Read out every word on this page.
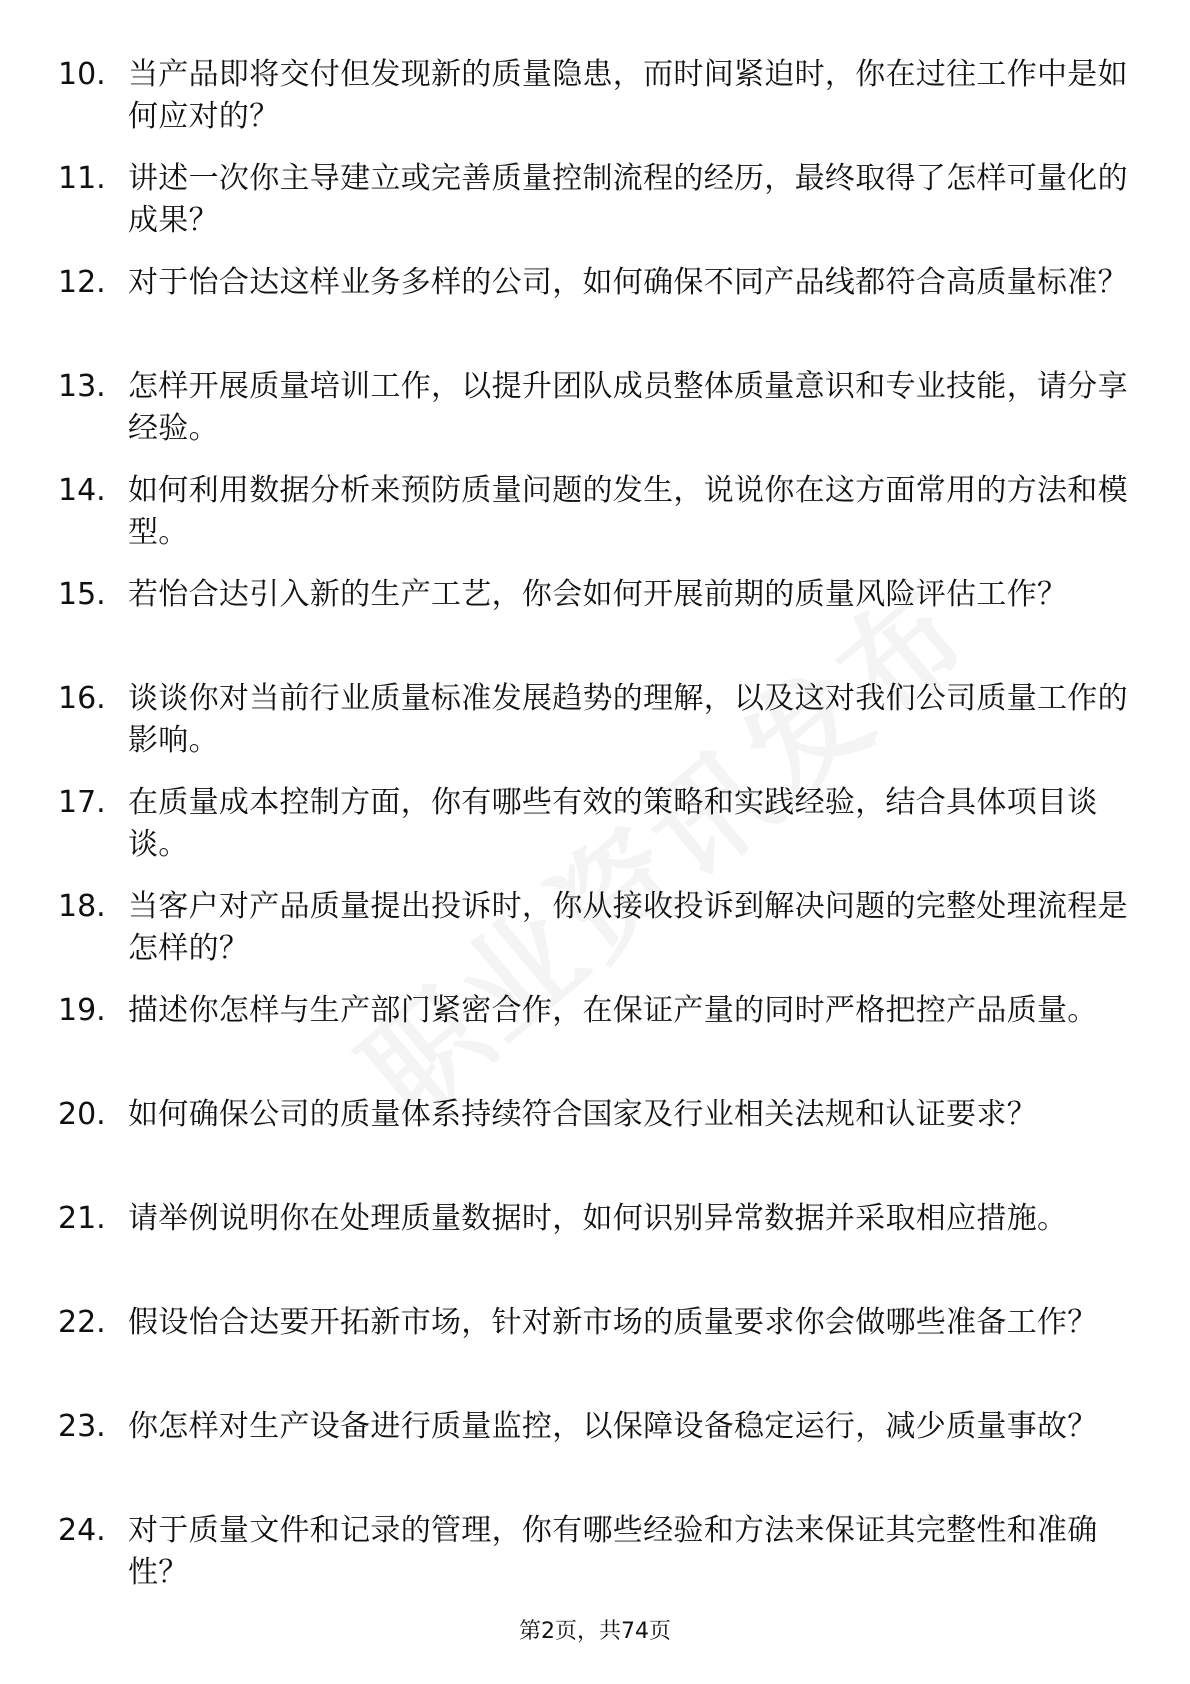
10. 当产品即将交付但发现新的质量隐患，而时间紧迫时，你在过往工作中是如何应对的？
11. 讲述一次你主导建立或完善质量控制流程的经历，最终取得了怎样可量化的成果？
12. 对于怡合达这样业务多样的公司，如何确保不同产品线都符合高质量标准？
13. 怎样开展质量培训工作，以提升团队成员整体质量意识和专业技能，请分享经验。
14. 如何利用数据分析来预防质量问题的发生，说说你在这方面常用的方法和模型。
15. 若怡合达引入新的生产工艺，你会如何开展前期的质量风险评估工作？
16. 谈谈你对当前行业质量标准发展趋势的理解，以及这对我们公司质量工作的影响。
17. 在质量成本控制方面，你有哪些有效的策略和实践经验，结合具体项目谈谈。
18. 当客户对产品质量提出投诉时，你从接收投诉到解决问题的完整处理流程是怎样的？
19. 描述你怎样与生产部门紧密合作，在保证产量的同时严格把控产品质量。
20. 如何确保公司的质量体系持续符合国家及行业相关法规和认证要求？
21. 请举例说明你在处理质量数据时，如何识别异常数据并采取相应措施。
22. 假设怡合达要开拓新市场，针对新市场的质量要求你会做哪些准备工作？
23. 你怎样对生产设备进行质量监控，以保障设备稳定运行，减少质量事故？
24. 对于质量文件和记录的管理，你有哪些经验和方法来保证其完整性和准确性？
第2页，共74页
